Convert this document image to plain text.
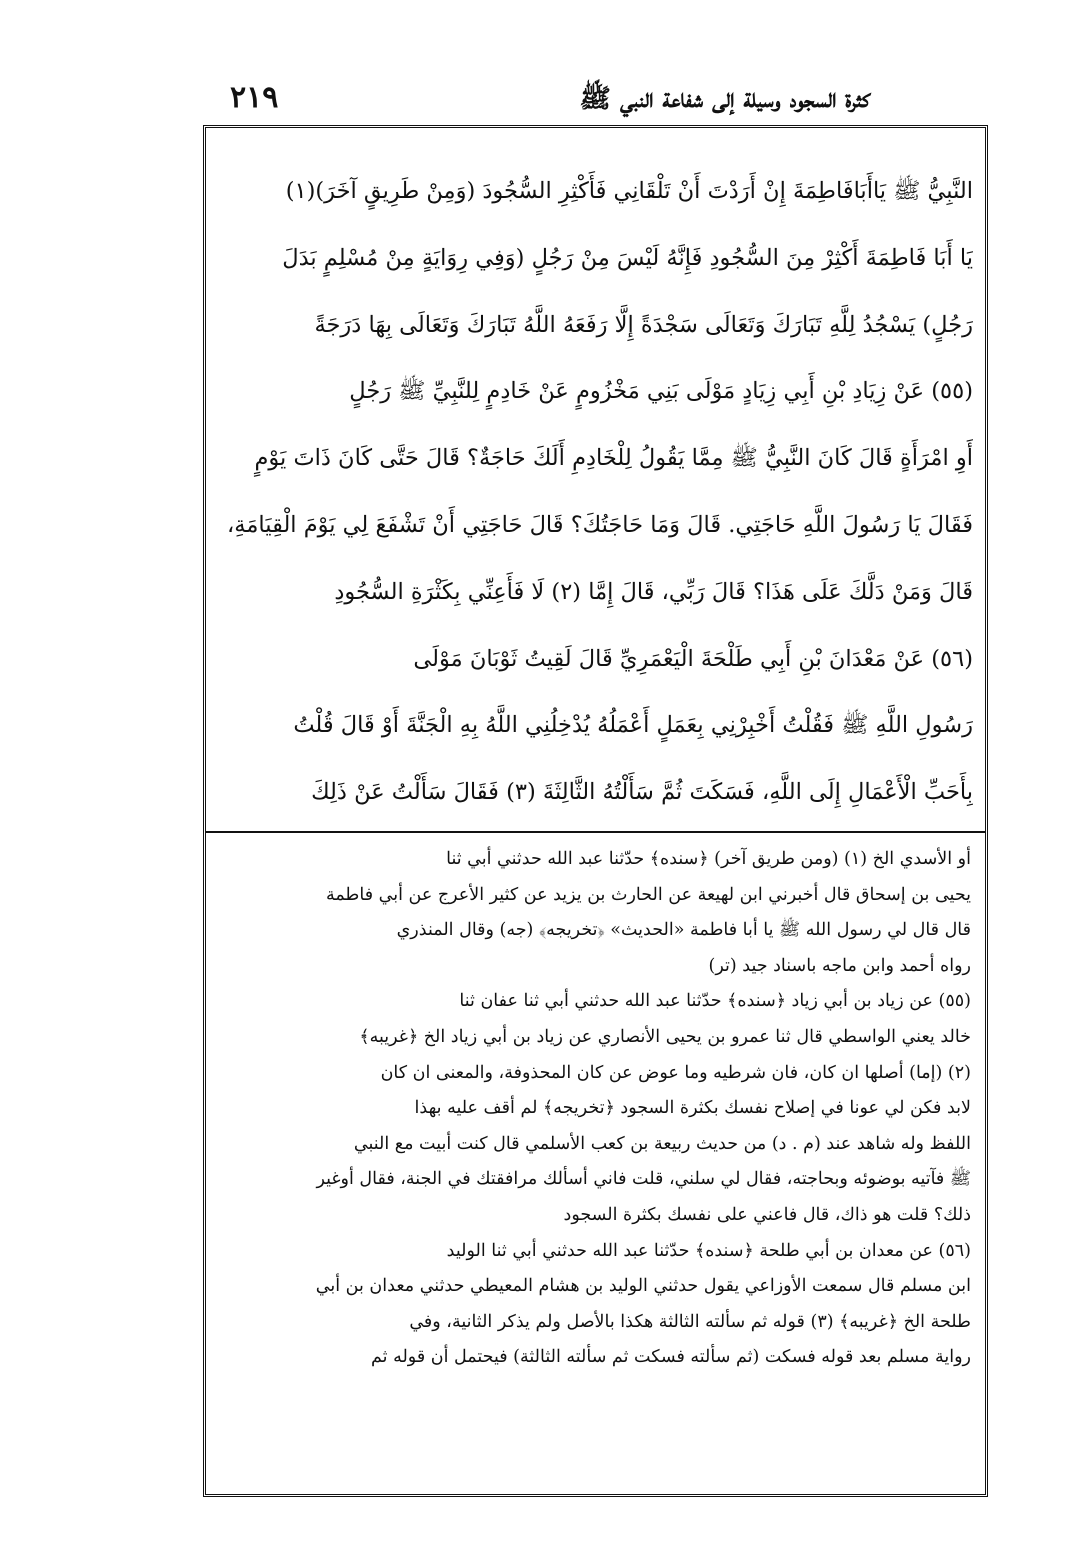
٢١٩	كثرة السجود وسيلة إلى شفاعة النبي ﷺ

النَّبِيُّ ﷺ يَاأَبَافَاطِمَةَ إِنْ أَرَدْتَ أَنْ تَلْقَانِي فَأَكْثِرِ السُّجُودَ (وَمِنْ طَرِيقٍ آخَرَ)(١)

يَا أَبَا فَاطِمَةَ أَكْثِرْ مِنَ السُّجُودِ فَإِنَّهُ لَيْسَ مِنْ رَجُلٍ (وَفِي رِوَايَةٍ مِنْ مُسْلِمٍ بَدَلَ

رَجُلٍ) يَسْجُدُ لِلَّهِ تَبَارَكَ وَتَعَالَى سَجْدَةً إِلَّا رَفَعَهُ اللَّهُ تَبَارَكَ وَتَعَالَى بِهَا دَرَجَةً

(٥٥) عَنْ زِيَادِ بْنِ أَبِي زِيَادٍ مَوْلَى بَنِي مَخْزُومٍ عَنْ خَادِمٍ لِلنَّبِيِّ ﷺ رَجُلٍ

أَوِ امْرَأَةٍ قَالَ كَانَ النَّبِيُّ ﷺ مِمَّا يَقُولُ لِلْخَادِمِ أَلَكَ حَاجَةٌ؟ قَالَ حَتَّى كَانَ ذَاتَ يَوْمٍ

فَقَالَ يَا رَسُولَ اللَّهِ حَاجَتِي. قَالَ وَمَا حَاجَتُكَ؟ قَالَ حَاجَتِي أَنْ تَشْفَعَ لِي يَوْمَ الْقِيَامَةِ،

قَالَ وَمَنْ دَلَّكَ عَلَى هَذَا؟ قَالَ رَبِّي، قَالَ إِمَّا (٢) لَا فَأَعِنِّي بِكَثْرَةِ السُّجُودِ

(٥٦) عَنْ مَعْدَانَ بْنِ أَبِي طَلْحَةَ الْيَعْمَرِيِّ قَالَ لَقِيتُ ثَوْبَانَ مَوْلَى

رَسُولِ اللَّهِ ﷺ فَقُلْتُ أَخْبِرْنِي بِعَمَلٍ أَعْمَلُهُ يُدْخِلُنِي اللَّهُ بِهِ الْجَنَّةَ أَوْ قَالَ قُلْتُ

بِأَحَبِّ الْأَعْمَالِ إِلَى اللَّهِ، فَسَكَتَ ثُمَّ سَأَلْتُهُ الثَّالِثَةَ (٣) فَقَالَ سَأَلْتُ عَنْ ذَلِكَ

أو الأسدي الخ (١) (ومن طريق آخر) ﴿سنده﴾ حدّثنا عبد الله حدثني أبي ثنا

يحيى بن إسحاق قال أخبرني ابن لهيعة عن الحارث بن يزيد عن كثير الأعرج عن أبي فاطمة

قال قال لي رسول الله ﷺ يا أبا فاطمة «الحديث» ﴿تخريجه﴾ (جه) وقال المنذري

رواه أحمد وابن ماجه باسناد جيد (تر)

(٥٥) عن زياد بن أبي زياد ﴿سنده﴾ حدّثنا عبد الله حدثني أبي ثنا عفان ثنا

خالد يعني الواسطي قال ثنا عمرو بن يحيى الأنصاري عن زياد بن أبي زياد الخ ﴿غريبه﴾

(٢) (إما) أصلها ان كان، فان شرطيه وما عوض عن كان المحذوفة، والمعنى ان كان

لابد فكن لي عونا في إصلاح نفسك بكثرة السجود ﴿تخريجه﴾ لم أقف عليه بهذا

اللفظ وله شاهد عند (م . د) من حديث ربيعة بن كعب الأسلمي قال كنت أبيت مع النبي

ﷺ فآتيه بوضوئه وبحاجته، فقال لي سلني، قلت فاني أسألك مرافقتك في الجنة، فقال أوغير

ذلك؟ قلت هو ذاك، قال فاعني على نفسك بكثرة السجود

(٥٦) عن معدان بن أبي طلحة ﴿سنده﴾ حدّثنا عبد الله حدثني أبي ثنا الوليد

ابن مسلم قال سمعت الأوزاعي يقول حدثني الوليد بن هشام المعيطي حدثني معدان بن أبي

طلحة الخ ﴿غريبه﴾ (٣) قوله ثم سألته الثالثة هكذا بالأصل ولم يذكر الثانية، وفي

رواية مسلم بعد قوله فسكت (ثم سألته فسكت ثم سألته الثالثة) فيحتمل أن قوله ثم
